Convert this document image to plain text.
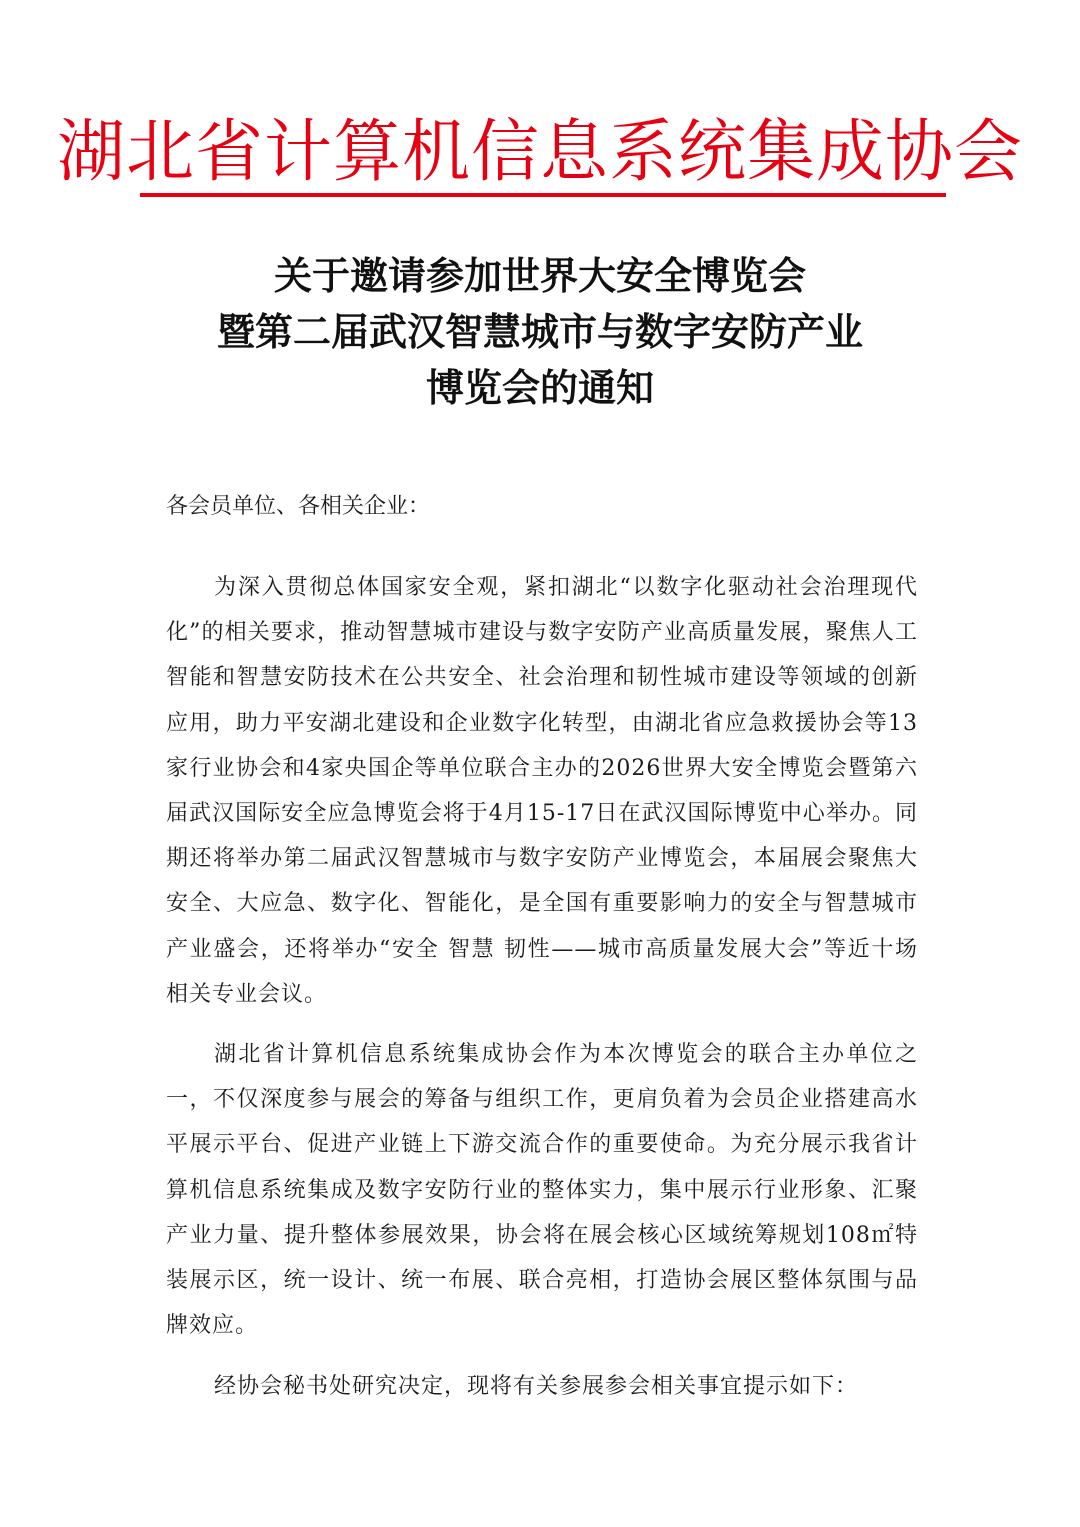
湖北省计算机信息系统集成协会
关于邀请参加世界大安全博览会
暨第二届武汉智慧城市与数字安防产业
博览会的通知
各会员单位、各相关企业：

为深入贯彻总体国家安全观，紧扣湖北“以数字化驱动社会治理现代化”的相关要求，推动智慧城市建设与数字安防产业高质量发展，聚焦人工智能和智慧安防技术在公共安全、社会治理和韧性城市建设等领域的创新应用，助力平安湖北建设和企业数字化转型，由湖北省应急救援协会等13家行业协会和4家央国企等单位联合主办的2026世界大安全博览会暨第六届武汉国际安全应急博览会将于4月15-17日在武汉国际博览中心举办。同期还将举办第二届武汉智慧城市与数字安防产业博览会，本届展会聚焦大安全、大应急、数字化、智能化，是全国有重要影响力的安全与智慧城市产业盛会，还将举办“安全 智慧 韧性——城市高质量发展大会”等近十场相关专业会议。

湖北省计算机信息系统集成协会作为本次博览会的联合主办单位之一，不仅深度参与展会的筹备与组织工作，更肩负着为会员企业搭建高水平展示平台、促进产业链上下游交流合作的重要使命。为充分展示我省计算机信息系统集成及数字安防行业的整体实力，集中展示行业形象、汇聚产业力量、提升整体参展效果，协会将在展会核心区域统筹规划108㎡特装展示区，统一设计、统一布展、联合亮相，打造协会展区整体氛围与品牌效应。

经协会秘书处研究决定，现将有关参展参会相关事宜提示如下：
